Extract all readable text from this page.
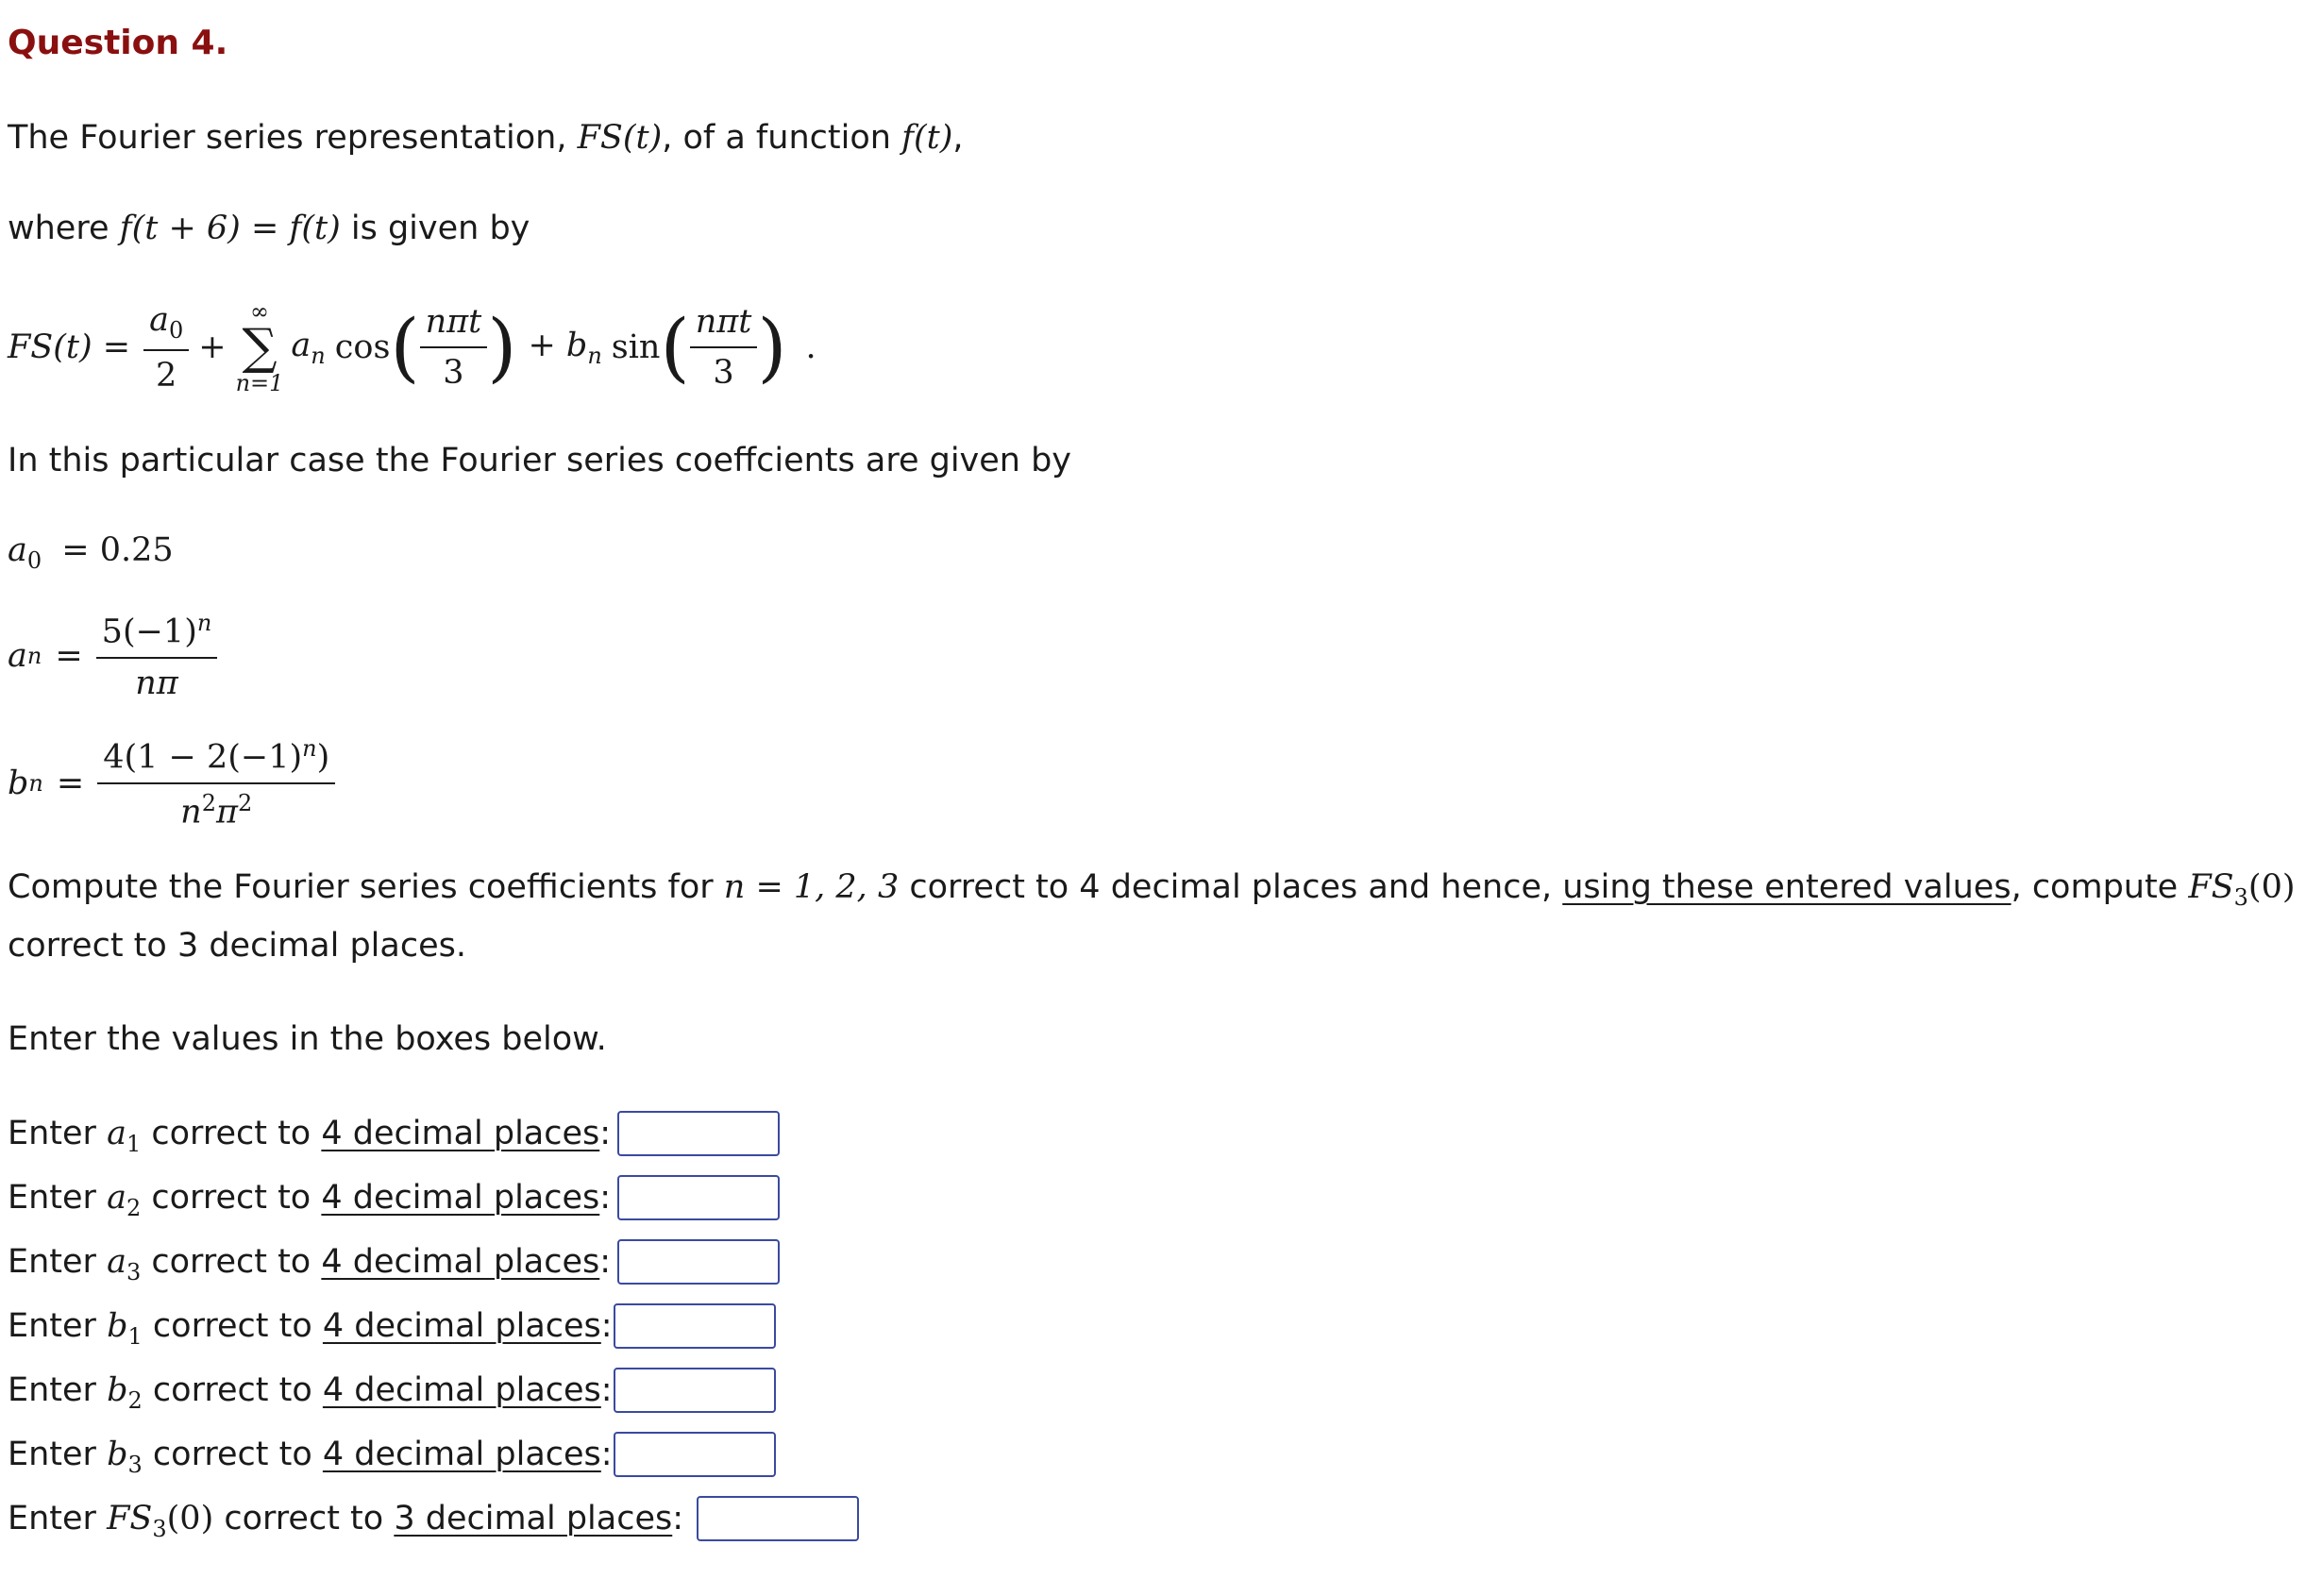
Question 4.
The Fourier series representation, FS(t), of a function f(t),
where f(t + 6) = f(t) is given by
$FS(t) = \frac{a_0}{2}$ +
∞
∑
n=1
$a_n$ cos ( $\frac{\text{nπt}}{3}$ ) + $b_n$ sin ( $\frac{\text{nπt}}{3}$ ) .
In this particular case the Fourier series coeffcients are given by
$a_0 = 0.25$
a $n = \frac{5(-1)^n}{n\pi}$
b $n = \frac{4(1 - 2(-1)^n)}{n^2\pi^2}$
Compute the Fourier series coefficients for n = 1, 2, 3 correct to 4 decimal places and hence, using these entered values, compute $FS_3(0)$
correct to 3 decimal places.
Enter the values in the boxes below.
Enter $a_1$ correct to 4 decimal places:
Enter $a_2$ correct to 4 decimal places:
Enter $a_3$ correct to 4 decimal places:
Enter $b_1$ correct to 4 decimal places:
Enter $b_2$ correct to 4 decimal places:
Enter $b_3$ correct to 4 decimal places:
Enter $FS_3(0)$ correct to 3 decimal places:
